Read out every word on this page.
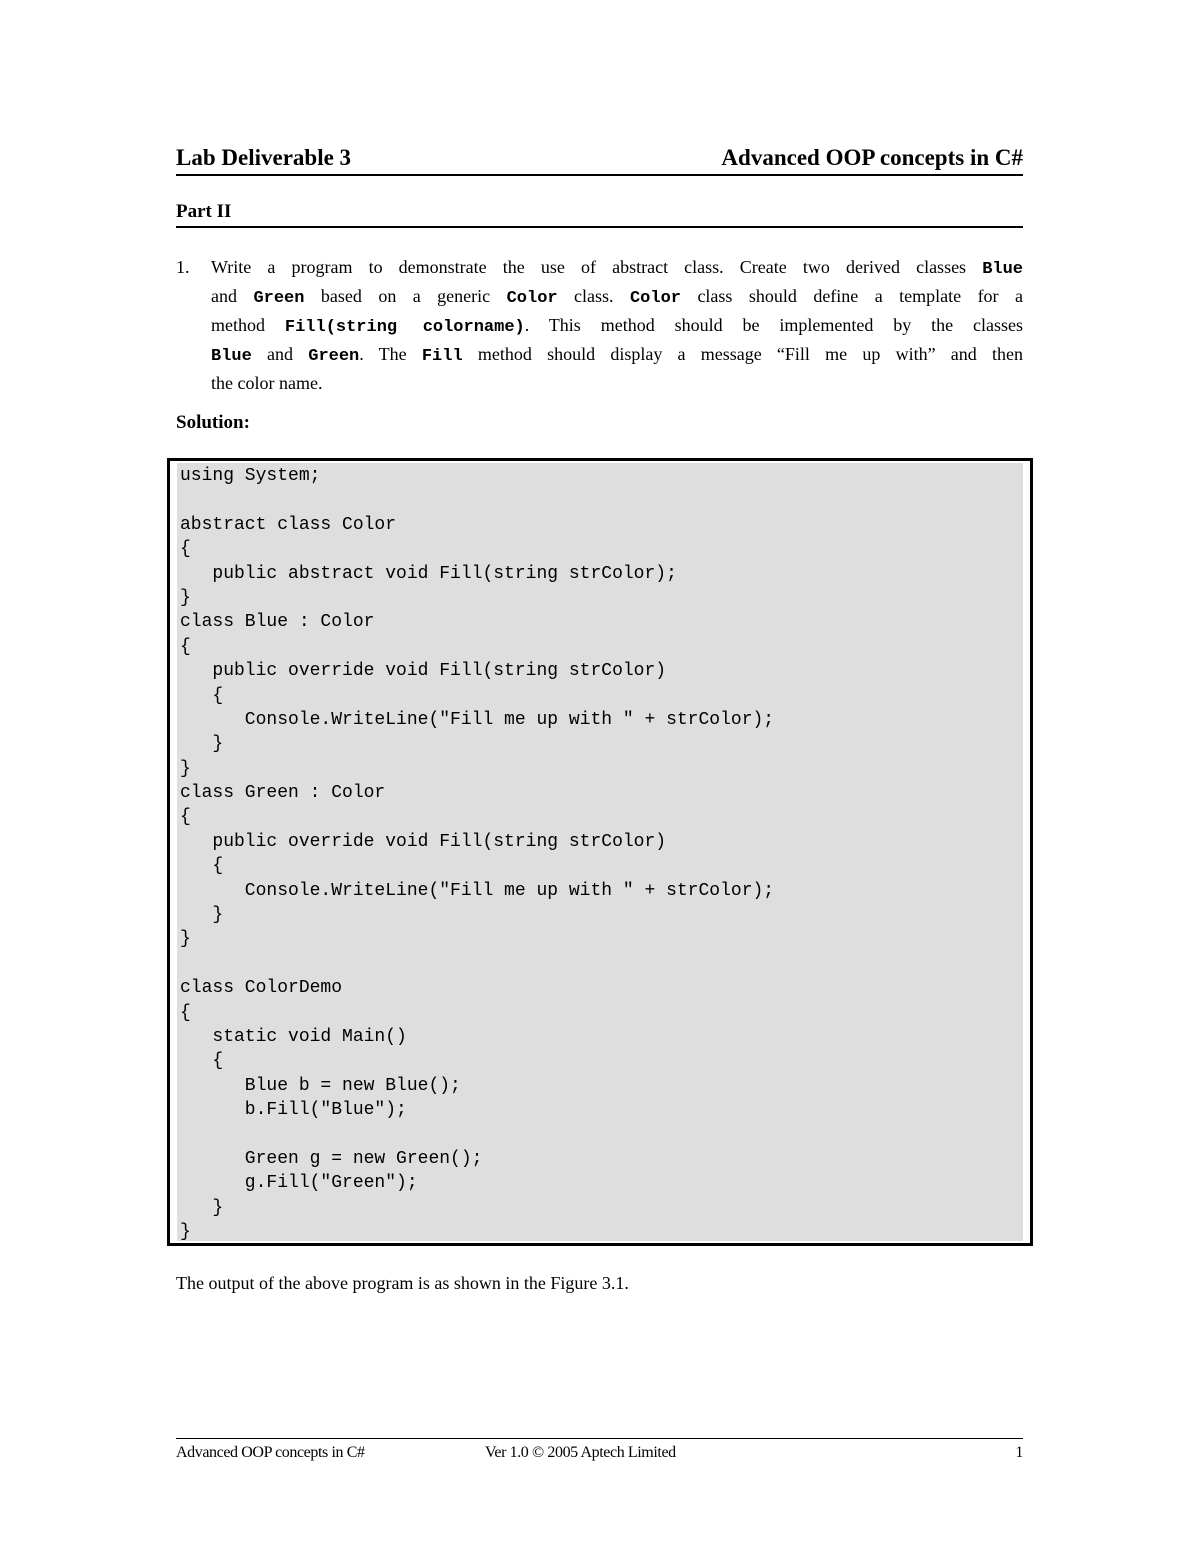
Lab Deliverable 3	Advanced OOP concepts in C#
Part II
1. Write a program to demonstrate the use of abstract class. Create two derived classes Blue
and Green based on a generic Color class. Color class should define a template for a
method Fill(string colorname). This method should be implemented by the classes
Blue and Green. The Fill method should display a message “Fill me up with” and then
the color name.
Solution:
using System;
abstract class Color
{
public abstract void Fill(string strColor);
}
class Blue : Color
{
public override void Fill(string strColor)
{
Console.WriteLine("Fill me up with " + strColor);
}
}
class Green : Color
{
public override void Fill(string strColor)
{
Console.WriteLine("Fill me up with " + strColor);
}
}
class ColorDemo
{
static void Main()
{
Blue b = new Blue();
b.Fill("Blue");
Green g = new Green();
g.Fill("Green");
}
}
The output of the above program is as shown in the Figure 3.1.
Advanced OOP concepts in C#	Ver 1.0 © 2005 Aptech Limited	1
